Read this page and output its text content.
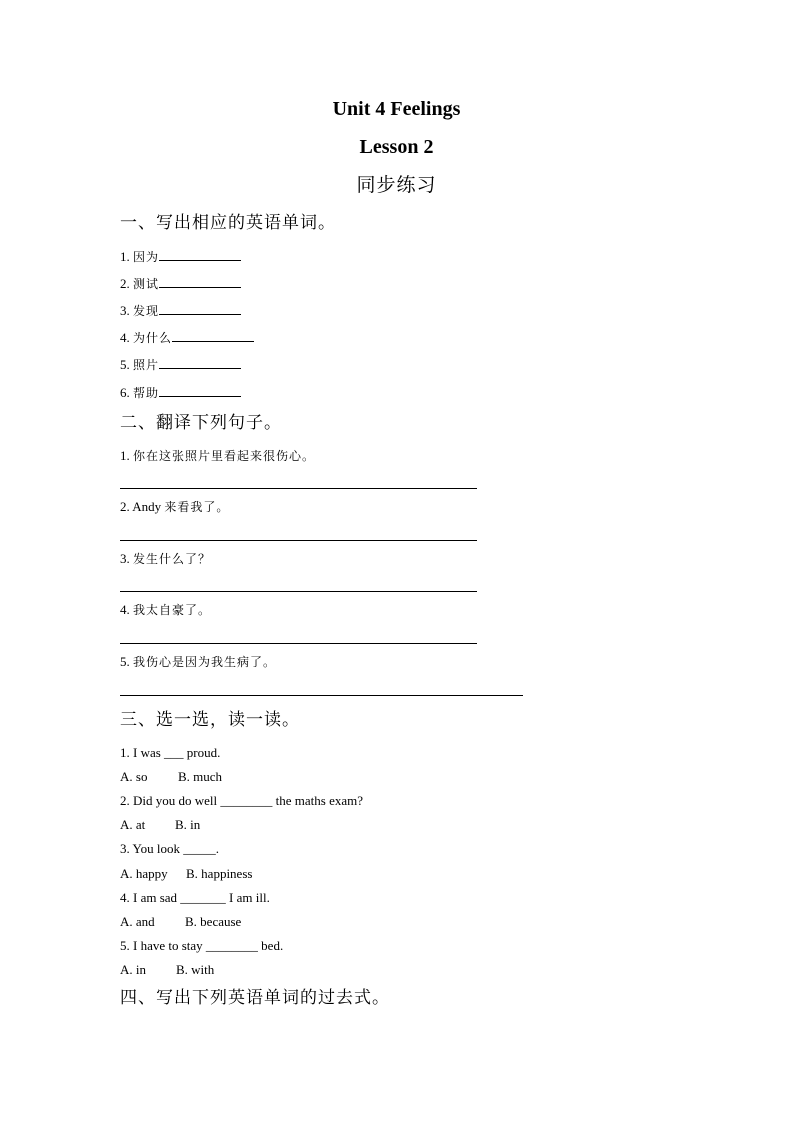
Unit 4 Feelings
Lesson 2
同步练习
一、写出相应的英语单词。
1. 因为
2. 测试
3. 发现
4. 为什么
5. 照片
6. 帮助
二、翻译下列句子。
1. 你在这张照片里看起来很伤心。
2. Andy 来看我了。
3. 发生什么了？
4. 我太自豪了。
5. 我伤心是因为我生病了。
三、选一选，读一读。
1. I was ___ proud.
A. so B. much
2. Did you do well ________ the maths exam?
A. at B. in
3. You look _____.
A. happy B. happiness
4. I am sad _______ I am ill.
A. and B. because
5. I have to stay ________ bed.
A. in B. with
四、写出下列英语单词的过去式。
